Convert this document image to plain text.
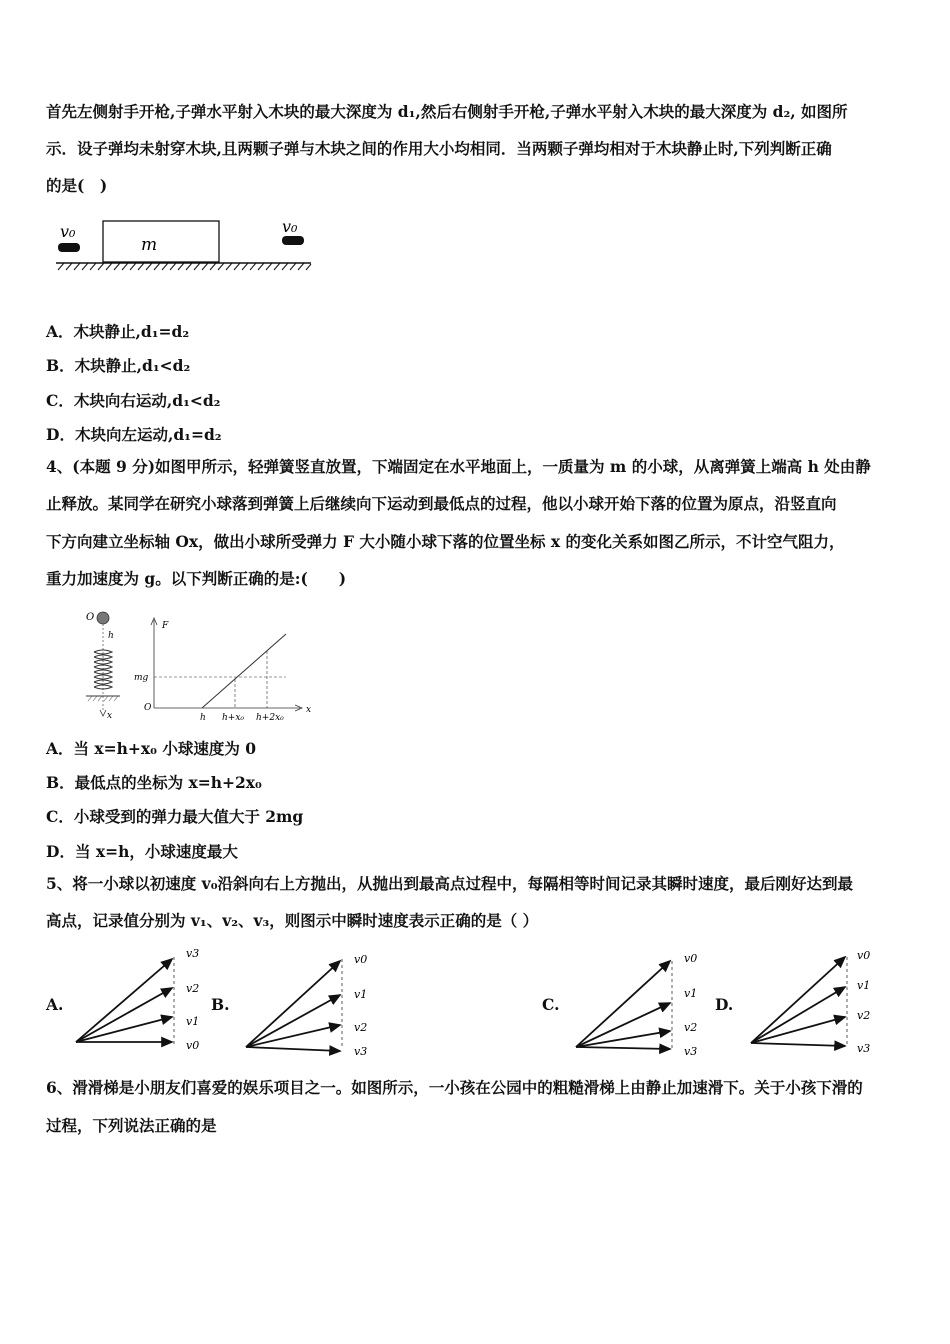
首先左侧射手开枪,子弹水平射入木块的最大深度为 d₁,然后右侧射手开枪,子弹水平射入木块的最大深度为 d₂, 如图所
示．设子弹均未射穿木块,且两颗子弹与木块之间的作用大小均相同．当两颗子弹均相对于木块静止时,下列判断正确
的是(　)
v₀
m
v₀
A．木块静止,d₁=d₂
B．木块静止,d₁<d₂
C．木块向右运动,d₁<d₂
D．木块向左运动,d₁=d₂
4、(本题 9 分)如图甲所示，轻弹簧竖直放置，下端固定在水平地面上，一质量为 m 的小球，从离弹簧上端高 h 处由静
止释放。某同学在研究小球落到弹簧上后继续向下运动到最低点的过程，他以小球开始下落的位置为原点，沿竖直向
下方向建立坐标轴 Ox，做出小球所受弹力 F 大小随小球下落的位置坐标 x 的变化关系如图乙所示，不计空气阻力，
重力加速度为 g。以下判断正确的是:(　　)
O
h
x
F
x
O
mg
h h+x₀ h+2x₀
A．当 x=h+x₀ 小球速度为 0
B．最低点的坐标为 x=h+2x₀
C．小球受到的弹力最大值大于 2mg
D．当 x=h，小球速度最大
5、将一小球以初速度 v₀沿斜向右上方抛出，从抛出到最高点过程中，每隔相等时间记录其瞬时速度，最后刚好达到最
高点，记录值分别为 v₁、v₂、v₃，则图示中瞬时速度表示正确的是（ ）
A.	B.	C.	D.
v3
v2
v1
v0
v0
v1
v2
v3
v0
v1
v2
v3
v0
v1
v2
v3
6、滑滑梯是小朋友们喜爱的娱乐项目之一。如图所示，一小孩在公园中的粗糙滑梯上由静止加速滑下。关于小孩下滑的
过程，下列说法正确的是
